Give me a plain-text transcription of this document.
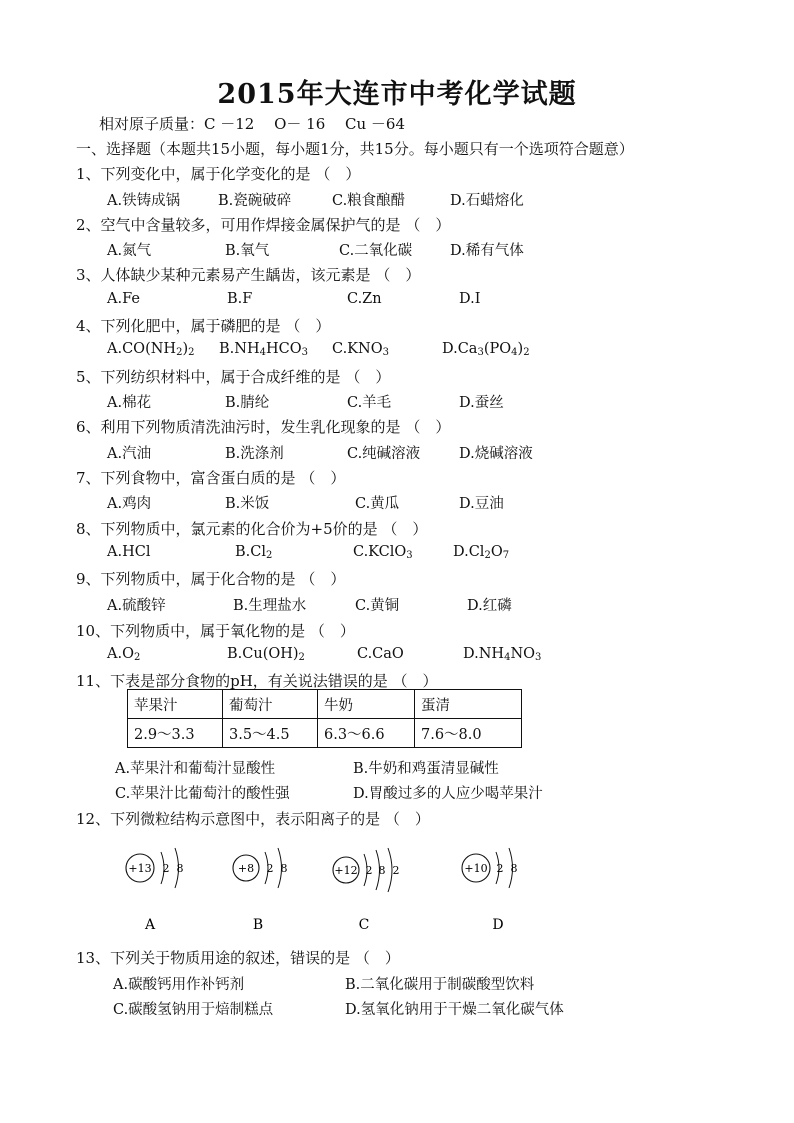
2015年大连市中考化学试题
相对原子质量：C －12　 O－ 16　 Cu －64
一、选择题（本题共15小题，每小题1分，共15分。每小题只有一个选项符合题意）
1、下列变化中，属于化学变化的是 （　）
A.铁铸成锅	B.瓷碗破碎	C.粮食酿醋	D.石蜡熔化
2、空气中含量较多，可用作焊接金属保护气的是 （　）
A.氮气	B.氧气	C.二氧化碳	D.稀有气体
3、人体缺少某种元素易产生龋齿，该元素是 （　）
A.Fe	B.F	C.Zn	D.I
4、下列化肥中，属于磷肥的是 （　）
$A.CO(NH_2)_2$ $B.NH_4HCO_3$ $C.KNO_3$	$D.Ca_3(PO_4)_2$
5、下列纺织材料中，属于合成纤维的是 （　）
A.棉花	B.腈纶	C.羊毛	D.蚕丝
6、利用下列物质清洗油污时，发生乳化现象的是 （　）
A.汽油	B.洗涤剂	C.纯碱溶液	D.烧碱溶液
7、下列食物中，富含蛋白质的是 （　）
A.鸡肉	B.米饭	C.黄瓜	D.豆油
8、下列物质中，氯元素的化合价为+5价的是 （　）
A.HCl	$B.Cl_2$	C.KClO$_3$	$D.Cl_2O_7$
9、下列物质中，属于化合物的是 （　）
A.硫酸锌	B.生理盐水	C.黄铜	D.红磷
10、下列物质中，属于氧化物的是 （　）
$A.O_2$	$B.Cu(OH)_2$	C.CaO	$D.NH_4NO_3$
11、下表是部分食物的pH，有关说法错误的是 （　）
苹果汁	葡萄汁	牛奶	蛋清
2.9～3.3	3.5～4.5	6.3～6.6	7.6～8.0
A.苹果汁和葡萄汁显酸性	B.牛奶和鸡蛋清显碱性
C.苹果汁比葡萄汁的酸性强	D.胃酸过多的人应少喝苹果汁
12、下列微粒结构示意图中，表示阳离子的是 （　）
+13 2 8
A
+8 2 8
B
+12 2 8 2
C
+10 2 8
D
13、下列关于物质用途的叙述，错误的是 （　）
A.碳酸钙用作补钙剂	B.二氧化碳用于制碳酸型饮料
C.碳酸氢钠用于焙制糕点	D.氢氧化钠用于干燥二氧化碳气体
